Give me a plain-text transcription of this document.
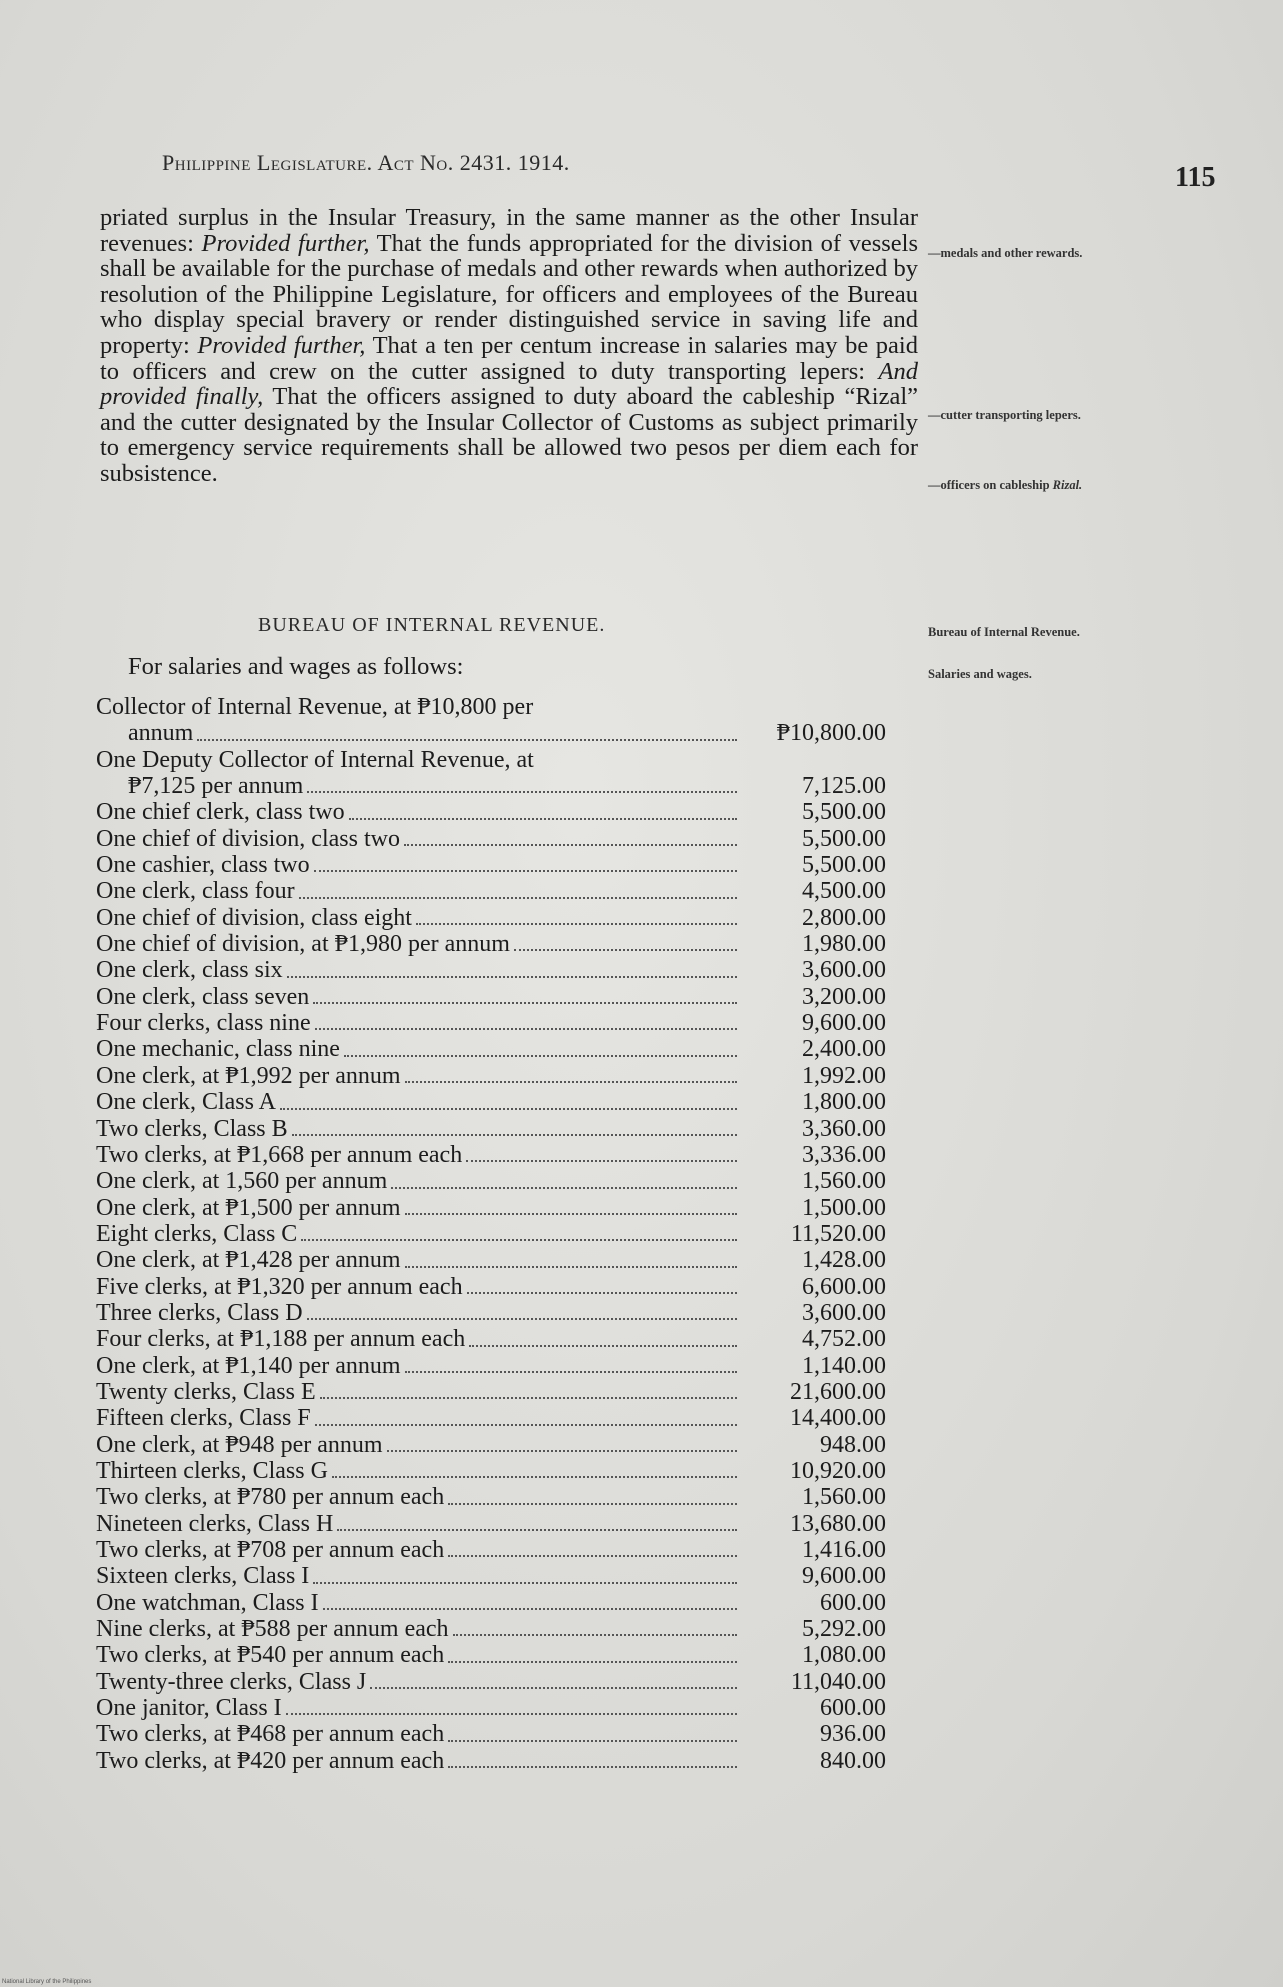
Philippine Legislature. Act No. 2431. 1914.	115
priated surplus in the Insular Treasury, in the same manner as the other Insular revenues: Provided further, That the funds appropriated for the division of vessels shall be available for the purchase of medals and other rewards when authorized by resolution of the Philippine Legislature, for officers and employees of the Bureau who display special bravery or render distinguished service in saving life and property: Provided further, That a ten per centum increase in salaries may be paid to officers and crew on the cutter assigned to duty transporting lepers: And provided finally, That the officers assigned to duty aboard the cableship “Rizal” and the cutter designated by the Insular Collector of Customs as subject primarily to emergency service requirements shall be allowed two pesos per diem each for subsistence.
—medals and other rewards.
—cutter transporting lepers.
—officers on cableship Rizal.
Bureau of Internal Revenue.
Salaries and wages.
BUREAU OF INTERNAL REVENUE.
For salaries and wages as follows:
Collector of Internal Revenue, at ₱10,800 per
annum	₱10,800.00
One Deputy Collector of Internal Revenue, at
₱7,125 per annum	7,125.00
One chief clerk, class two	5,500.00
One chief of division, class two	5,500.00
One cashier, class two	5,500.00
One clerk, class four	4,500.00
One chief of division, class eight	2,800.00
One chief of division, at ₱1,980 per annum	1,980.00
One clerk, class six	3,600.00
One clerk, class seven	3,200.00
Four clerks, class nine	9,600.00
One mechanic, class nine	2,400.00
One clerk, at ₱1,992 per annum	1,992.00
One clerk, Class A	1,800.00
Two clerks, Class B	3,360.00
Two clerks, at ₱1,668 per annum each	3,336.00
One clerk, at 1,560 per annum	1,560.00
One clerk, at ₱1,500 per annum	1,500.00
Eight clerks, Class C	11,520.00
One clerk, at ₱1,428 per annum	1,428.00
Five clerks, at ₱1,320 per annum each	6,600.00
Three clerks, Class D	3,600.00
Four clerks, at ₱1,188 per annum each	4,752.00
One clerk, at ₱1,140 per annum	1,140.00
Twenty clerks, Class E	21,600.00
Fifteen clerks, Class F	14,400.00
One clerk, at ₱948 per annum	948.00
Thirteen clerks, Class G	10,920.00
Two clerks, at ₱780 per annum each	1,560.00
Nineteen clerks, Class H	13,680.00
Two clerks, at ₱708 per annum each	1,416.00
Sixteen clerks, Class I	9,600.00
One watchman, Class I	600.00
Nine clerks, at ₱588 per annum each	5,292.00
Two clerks, at ₱540 per annum each	1,080.00
Twenty-three clerks, Class J	11,040.00
One janitor, Class I	600.00
Two clerks, at ₱468 per annum each	936.00
Two clerks, at ₱420 per annum each	840.00
National Library of the Philippines
